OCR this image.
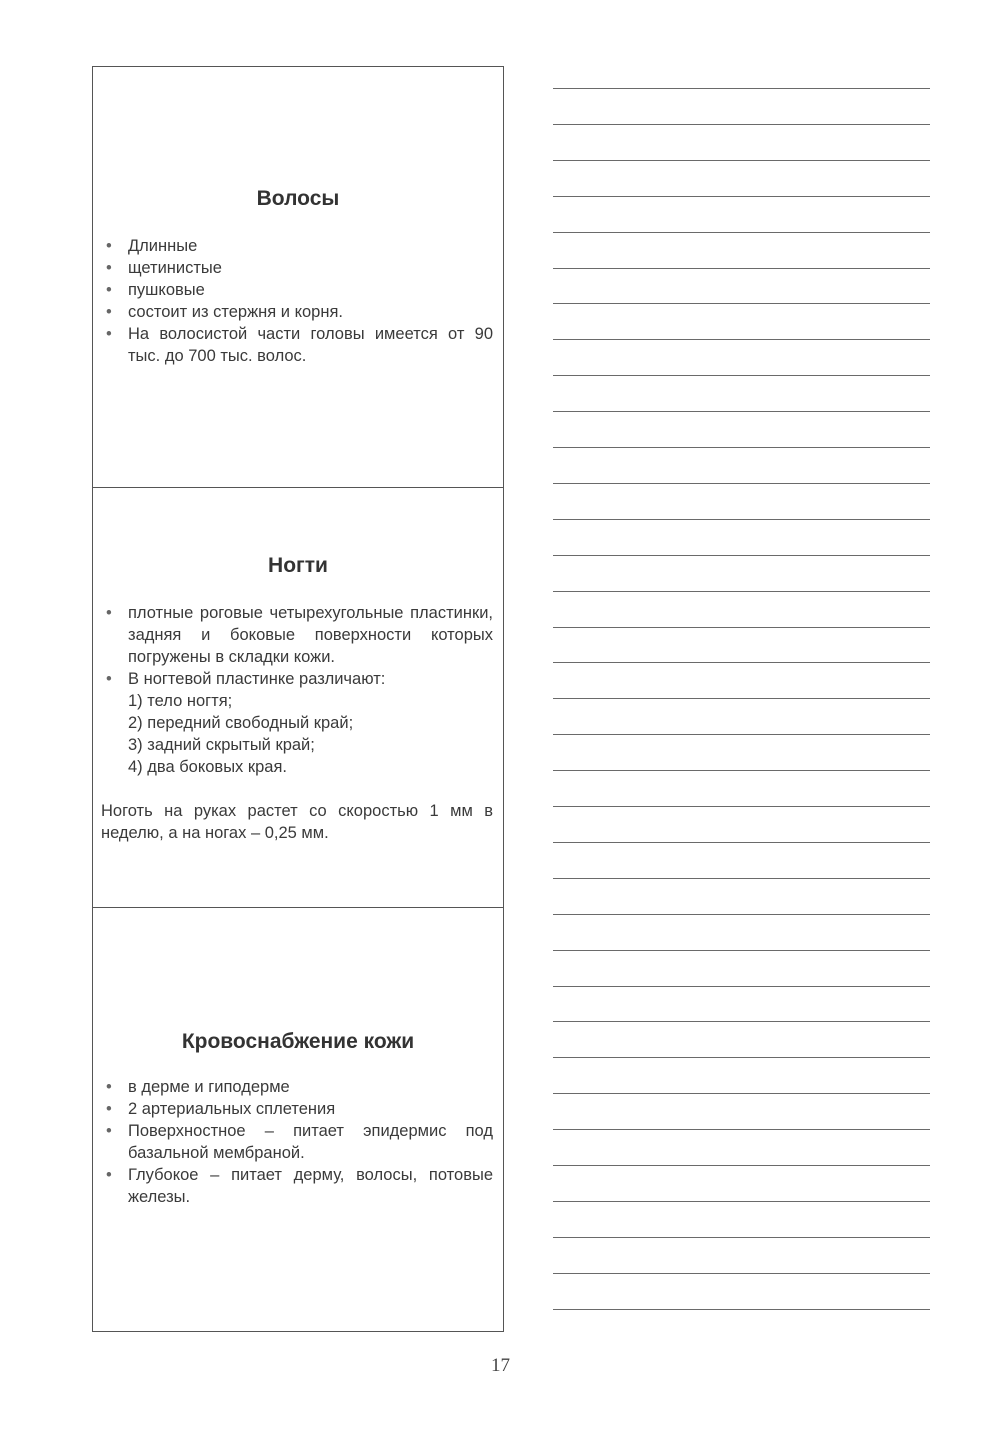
Волосы
• Длинные
• щетинистые
• пушковые
• состоит из стержня и корня.
• На волосистой части головы имеется от 90 тыс. до 700 тыс. волос.
Ногти
• плотные роговые четырехугольные пластинки, задняя и боковые поверхности которых погружены в складки кожи.
• В ногтевой пластинке различают:
1) тело ногтя;
2) передний свободный край;
3) задний скрытый край;
4) два боковых края.
Ноготь на руках растет со скоростью 1 мм в неделю, а на ногах – 0,25 мм.
Кровоснабжение кожи
• в дерме и гиподерме
• 2 артериальных сплетения
• Поверхностное – питает эпидермис под базальной мембраной.
• Глубокое – питает дерму, волосы, потовые железы.
17
